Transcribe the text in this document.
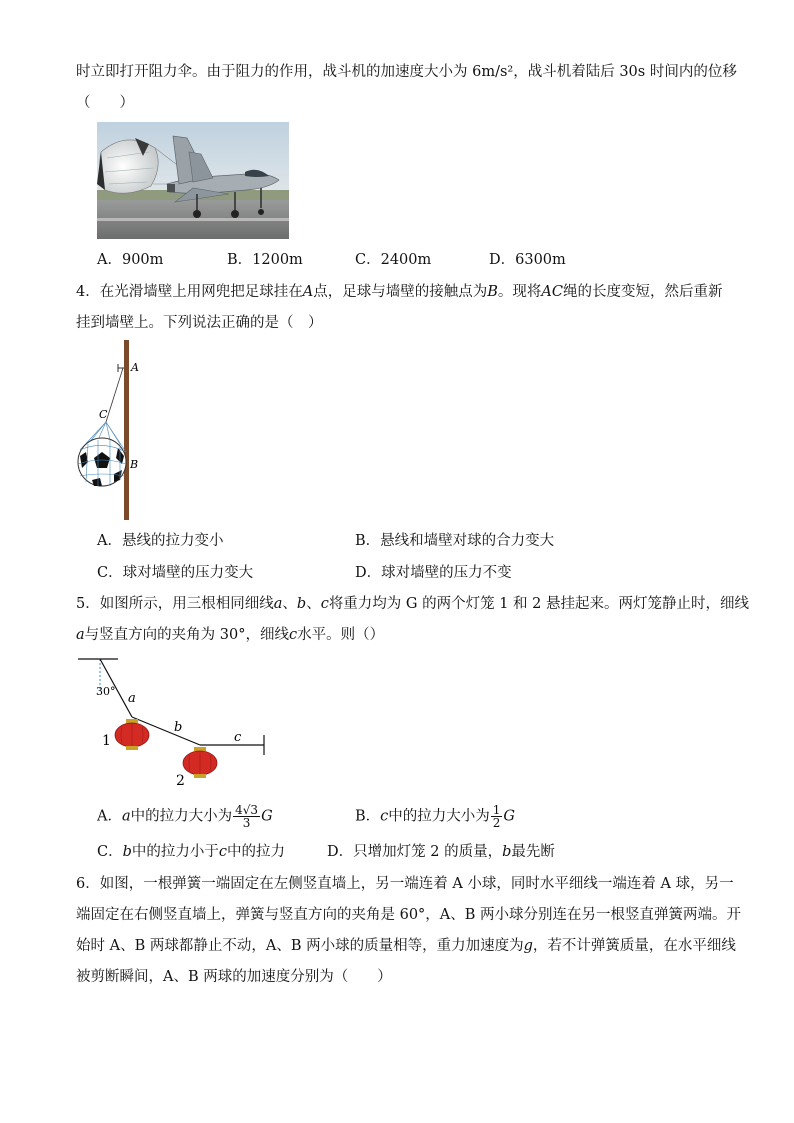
时立即打开阻力伞。由于阻力的作用，战斗机的加速度大小为 6m/s²，战斗机着陆后 30s 时间内的位移
（　　）
A．900m	B．1200m	C．2400m	D．6300m
4．在光滑墙壁上用网兜把足球挂在A点，足球与墙壁的接触点为B。现将AC绳的长度变短，然后重新
挂到墙壁上。下列说法正确的是（　）
A
C
B
A．悬线的拉力变小	B．悬线和墙壁对球的合力变大
C．球对墙壁的压力变大	D．球对墙壁的压力不变
5．如图所示，用三根相同细线a、b、c将重力均为 G 的两个灯笼 1 和 2 悬挂起来。两灯笼静止时，细线
a与竖直方向的夹角为 30°，细线c水平。则（）
30° a
b
c
1
2
A．a中的拉力大小为 $\frac{4√3}{3}$ G	B．c中的拉力大小为 $\frac{1}{2}$ G
C．b中的拉力小于c中的拉力	D．只增加灯笼 2 的质量，b最先断
6．如图，一根弹簧一端固定在左侧竖直墙上，另一端连着 A 小球，同时水平细线一端连着 A 球，另一
端固定在右侧竖直墙上，弹簧与竖直方向的夹角是 60°，A、B 两小球分别连在另一根竖直弹簧两端。开
始时 A、B 两球都静止不动，A、B 两小球的质量相等，重力加速度为g，若不计弹簧质量，在水平细线
被剪断瞬间，A、B 两球的加速度分别为（　　）
